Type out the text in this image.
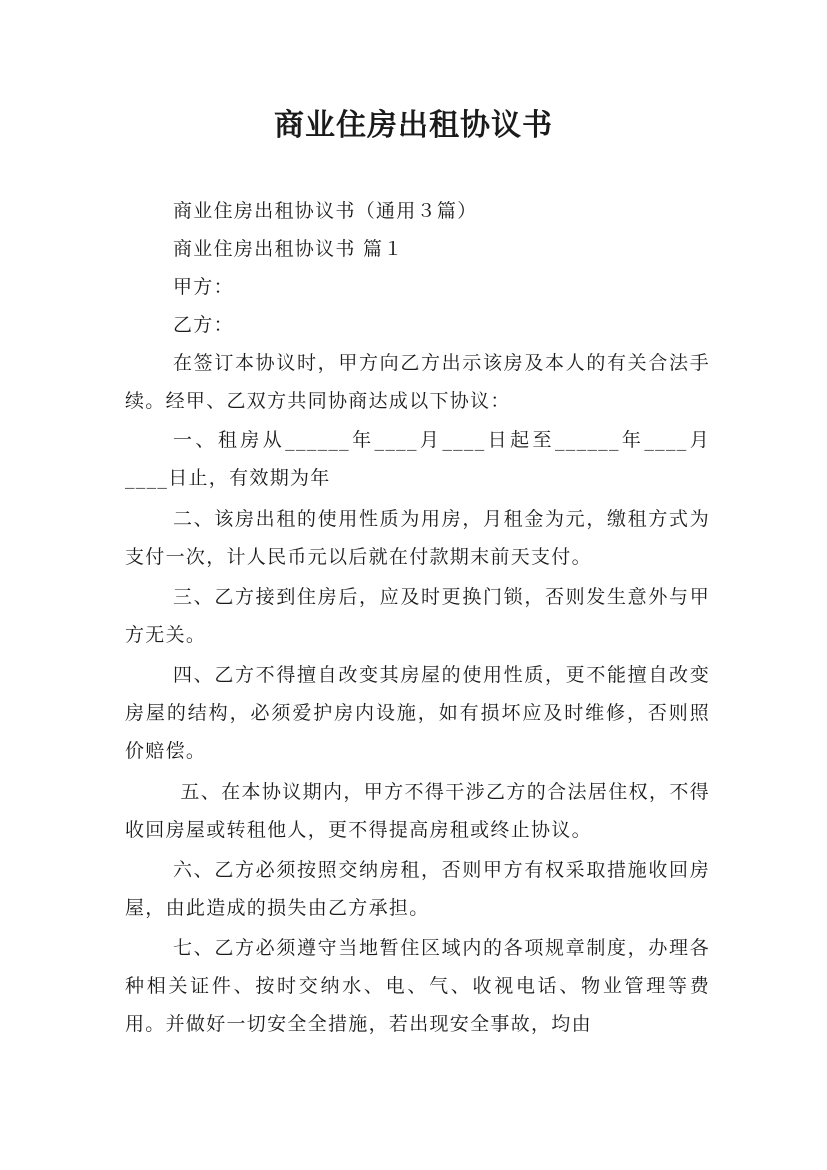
商业住房出租协议书

商业住房出租协议书（通用３篇）

商业住房出租协议书 篇１

甲方：

乙方：

在签订本协议时，甲方向乙方出示该房及本人的有关合法手续。经甲、乙双方共同协商达成以下协议：

一、租房从______年____月____日起至______年____月____日止，有效期为年

二、该房出租的使用性质为用房，月租金为元，缴租方式为支付一次，计人民币元以后就在付款期末前天支付。

三、乙方接到住房后，应及时更换门锁，否则发生意外与甲方无关。

四、乙方不得擅自改变其房屋的使用性质，更不能擅自改变房屋的结构，必须爱护房内设施，如有损坏应及时维修，否则照价赔偿。

五、在本协议期内，甲方不得干涉乙方的合法居住权，不得收回房屋或转租他人，更不得提高房租或终止协议。

六、乙方必须按照交纳房租，否则甲方有权采取措施收回房屋，由此造成的损失由乙方承担。

七、乙方必须遵守当地暂住区域内的各项规章制度，办理各种相关证件、按时交纳水、电、气、收视电话、物业管理等费用。并做好一切安全全措施，若出现安全事故，均由
